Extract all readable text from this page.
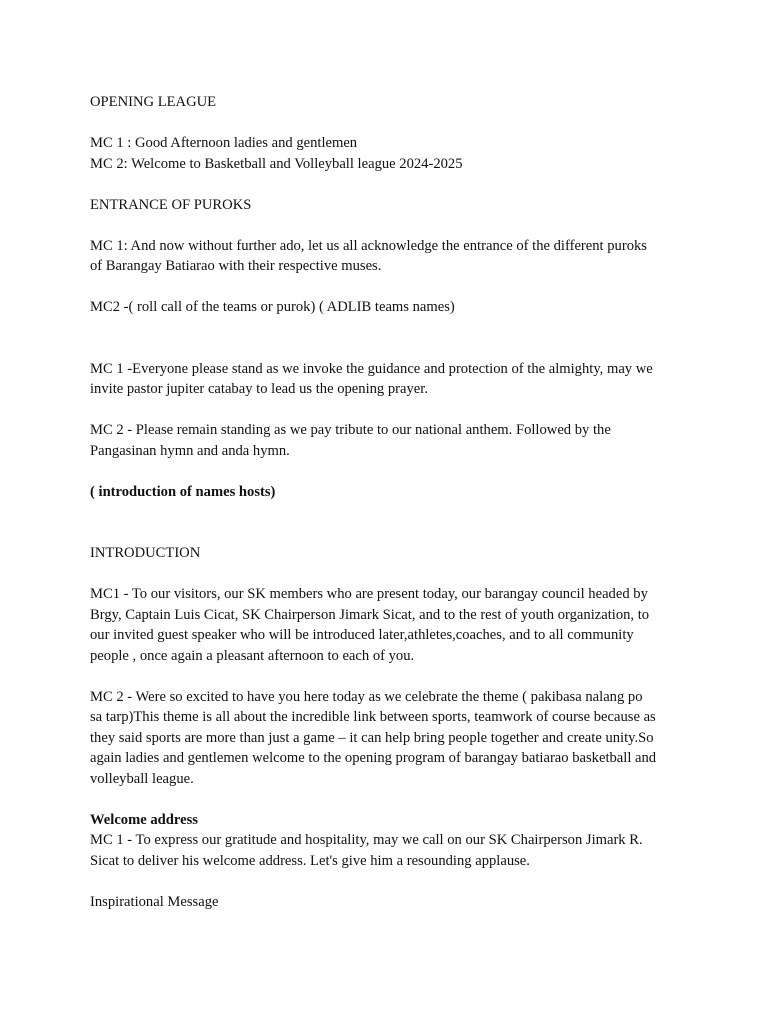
OPENING LEAGUE
MC 1 : Good Afternoon ladies and gentlemen
MC 2: Welcome to Basketball and Volleyball league 2024-2025
ENTRANCE OF PUROKS
MC 1: And now without further ado, let us all acknowledge the entrance of the different puroks
of Barangay Batiarao with their respective muses.
MC2 -( roll call of the teams or purok) ( ADLIB teams names)
MC 1 -Everyone please stand as we invoke the guidance and protection of the almighty, may we
invite pastor jupiter catabay to lead us the opening prayer.
MC 2 - Please remain standing as we pay tribute to our national anthem. Followed by the
Pangasinan hymn and anda hymn.
( introduction of names hosts)
INTRODUCTION
MC1 - To our visitors, our SK members who are present today, our barangay council headed by
Brgy, Captain Luis Cicat, SK Chairperson Jimark Sicat, and to the rest of youth organization, to
our invited guest speaker who will be introduced later,athletes,coaches, and to all community
people , once again a pleasant afternoon to each of you.
MC 2 - Were so excited to have you here today as we celebrate the theme ( pakibasa nalang po
sa tarp)This theme is all about the incredible link between sports, teamwork of course because as
they said sports are more than just a game – it can help bring people together and create unity.So
again ladies and gentlemen welcome to the opening program of barangay batiarao basketball and
volleyball league.
Welcome address
MC 1 - To express our gratitude and hospitality, may we call on our SK Chairperson Jimark R.
Sicat to deliver his welcome address. Let's give him a resounding applause.
Inspirational Message
